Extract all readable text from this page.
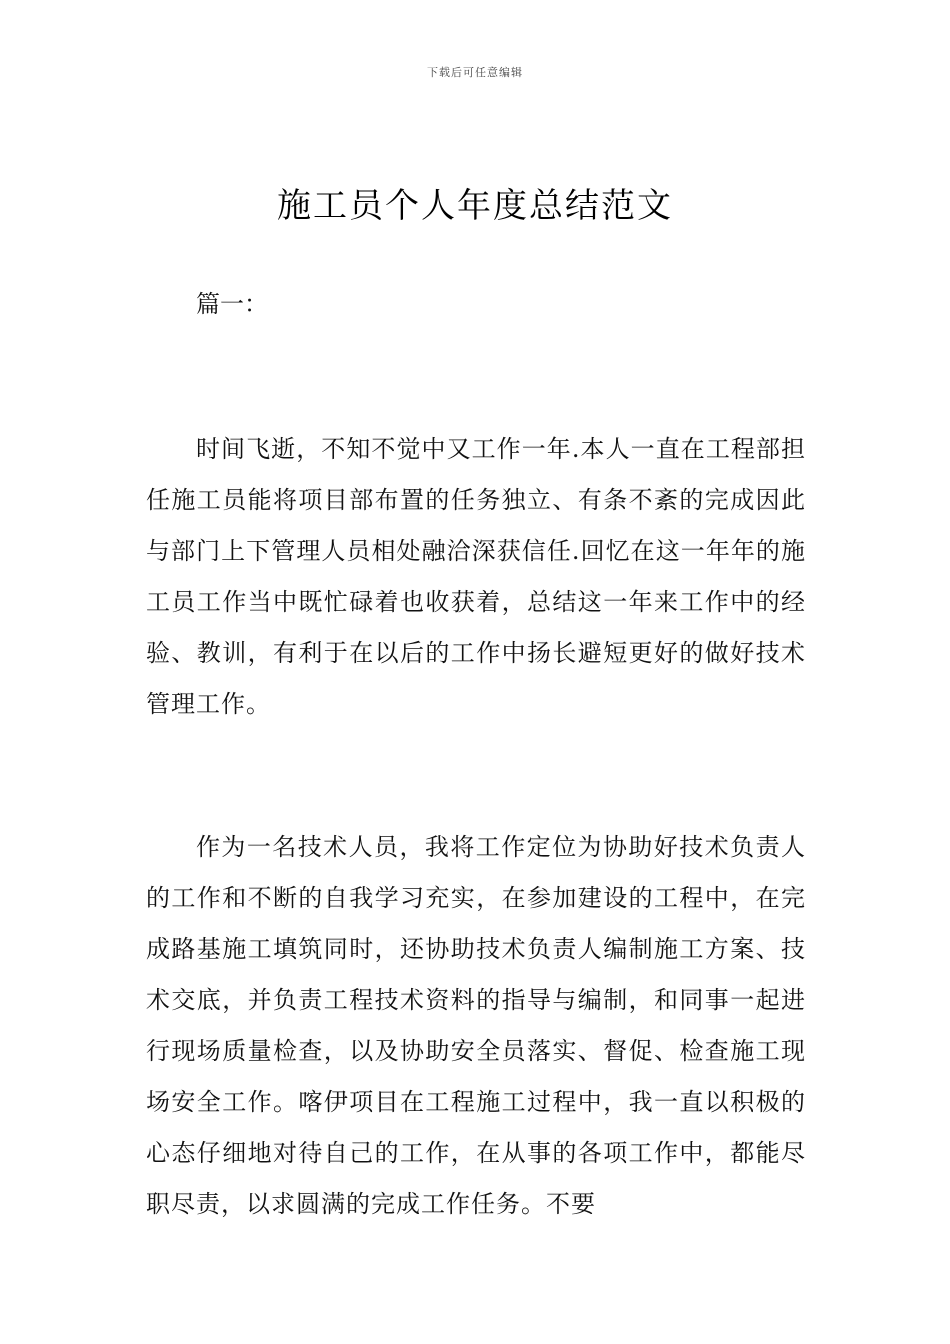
下载后可任意编辑
施工员个人年度总结范文

篇一：

时间飞逝，不知不觉中又工作一年.本人一直在工程部担任施工员能将项目部布置的任务独立、有条不紊的完成因此与部门上下管理人员相处融洽深获信任.回忆在这一年年的施工员工作当中既忙碌着也收获着，总结这一年来工作中的经验、教训，有利于在以后的工作中扬长避短更好的做好技术管理工作。

作为一名技术人员，我将工作定位为协助好技术负责人的工作和不断的自我学习充实，在参加建设的工程中，在完成路基施工填筑同时，还协助技术负责人编制施工方案、技术交底，并负责工程技术资料的指导与编制，和同事一起进行现场质量检查，以及协助安全员落实、督促、检查施工现场安全工作。喀伊项目在工程施工过程中，我一直以积极的心态仔细地对待自己的工作，在从事的各项工作中，都能尽职尽责，以求圆满的完成工作任务。不要
